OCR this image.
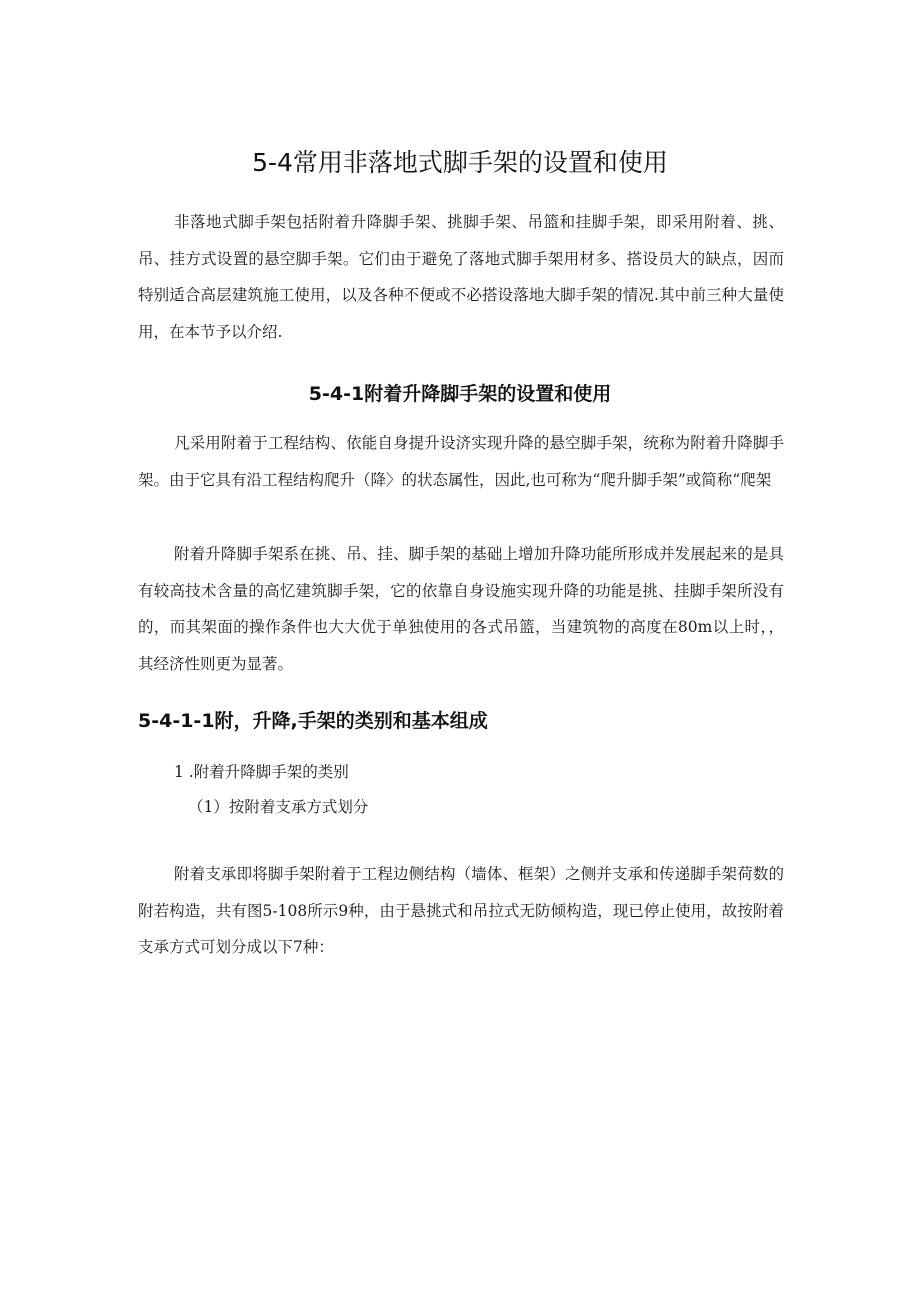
5-4常用非落地式脚手架的设置和使用

非落地式脚手架包括附着升降脚手架、挑脚手架、吊篮和挂脚手架，即采用附着、挑、吊、挂方式设置的悬空脚手架。它们由于避免了落地式脚手架用材多、搭设员大的缺点，因而特别适合高层建筑施工使用，以及各种不便或不必搭设落地大脚手架的情况.其中前三种大量使用，在本节予以介绍.

5-4-1附着升降脚手架的设置和使用

凡采用附着于工程结构、依能自身提升设济实现升降的悬空脚手架，统称为附着升降脚手架。由于它具有沿工程结构爬升（降〉的状态属性，因此,也可称为“爬升脚手架”或简称“爬架

附着升降脚手架系在挑、吊、挂、脚手架的基础上增加升降功能所形成并发展起来的是具有较高技术含量的高忆建筑脚手架，它的依靠自身设施实现升降的功能是挑、挂脚手架所没有的，而其架面的操作条件也大大优于单独使用的各式吊篮，当建筑物的高度在80m以上时，，其经济性则更为显著。

5-4-1-1附，升降,手架的类别和基本组成

1 .附着升降脚手架的类别

（1）按附着支承方式划分

附着支承即将脚手架附着于工程边侧结构（墙体、框架）之侧并支承和传递脚手架荷数的附若构造，共有图5-108所示9种，由于悬挑式和吊拉式无防倾构造，现已停止使用，故按附着支承方式可划分成以下7种：
